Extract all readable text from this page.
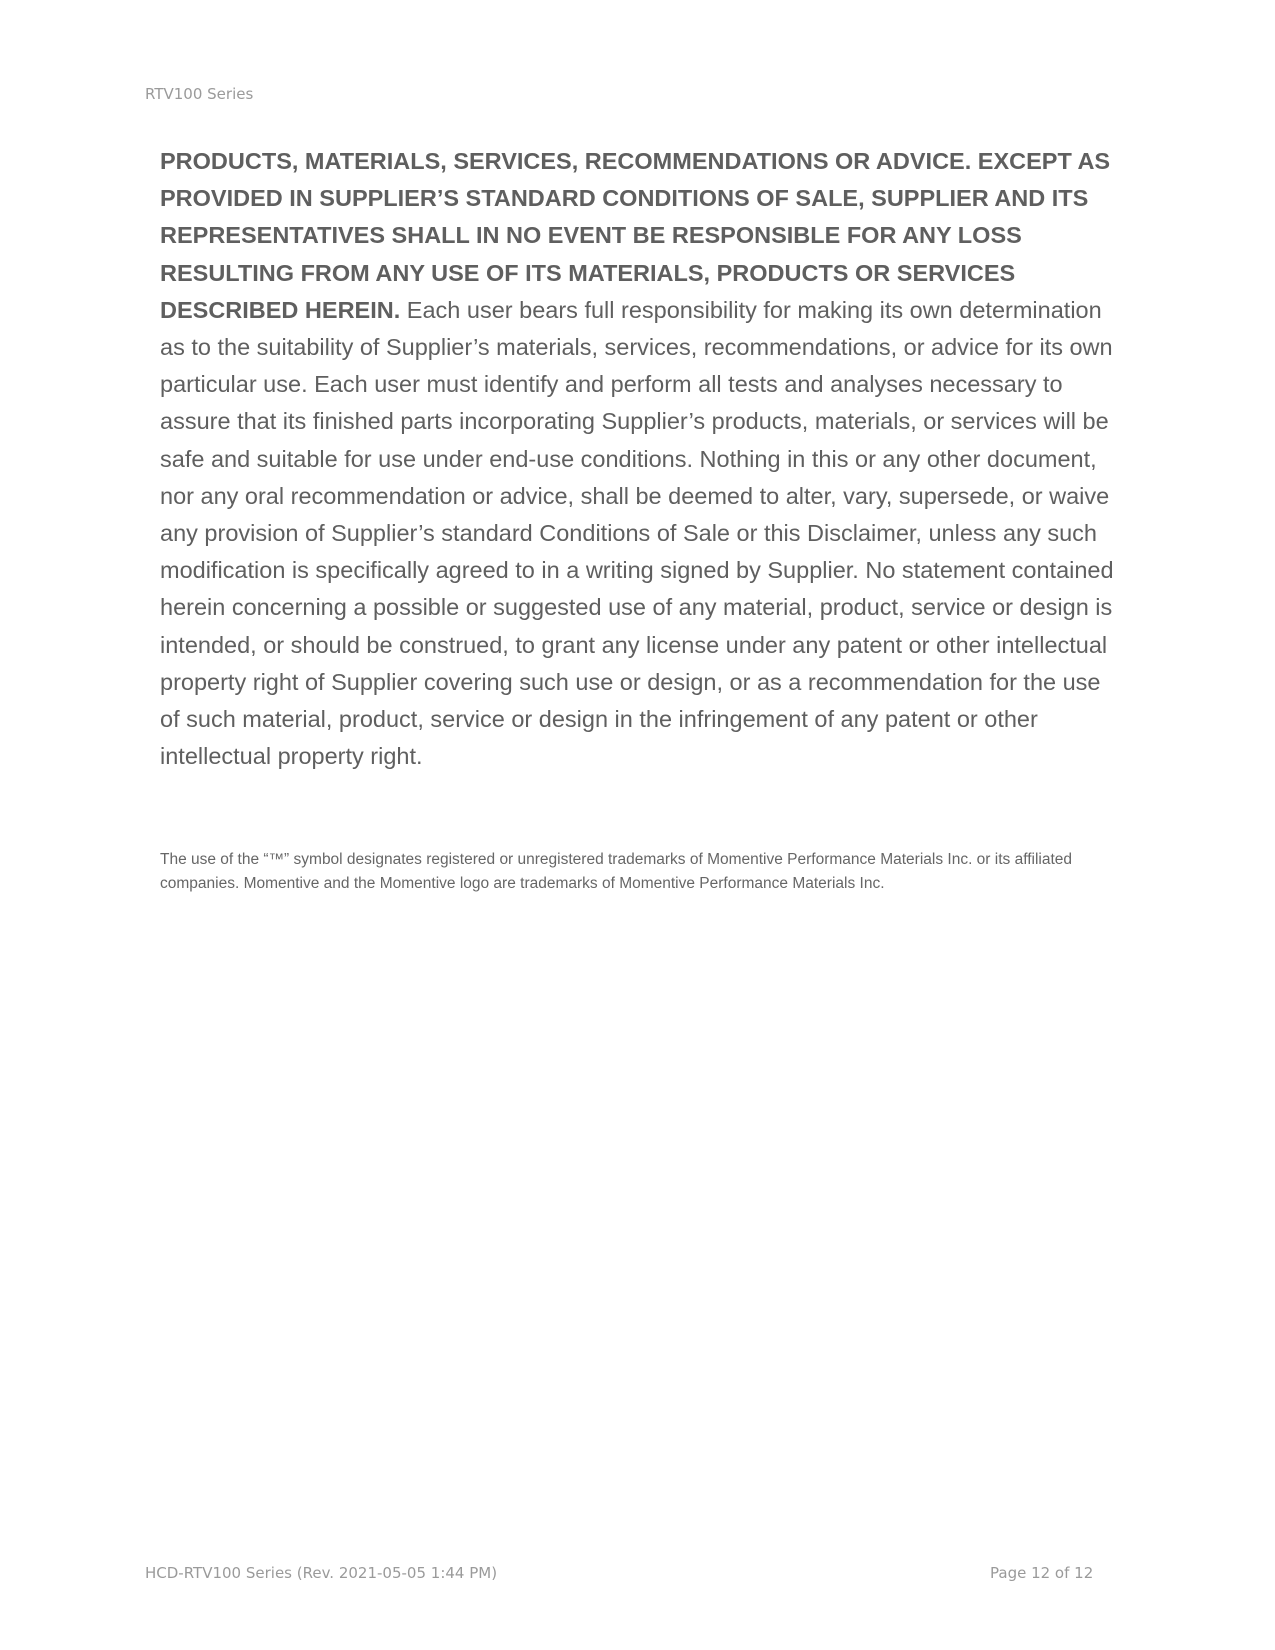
RTV100 Series

PRODUCTS, MATERIALS, SERVICES, RECOMMENDATIONS OR ADVICE. EXCEPT AS PROVIDED IN SUPPLIER’S STANDARD CONDITIONS OF SALE, SUPPLIER AND ITS REPRESENTATIVES SHALL IN NO EVENT BE RESPONSIBLE FOR ANY LOSS RESULTING FROM ANY USE OF ITS MATERIALS, PRODUCTS OR SERVICES DESCRIBED HEREIN. Each user bears full responsibility for making its own determination as to the suitability of Supplier’s materials, services, recommendations, or advice for its own particular use. Each user must identify and perform all tests and analyses necessary to assure that its finished parts incorporating Supplier’s products, materials, or services will be safe and suitable for use under end-use conditions. Nothing in this or any other document, nor any oral recommendation or advice, shall be deemed to alter, vary, supersede, or waive any provision of Supplier’s standard Conditions of Sale or this Disclaimer, unless any such modification is specifically agreed to in a writing signed by Supplier. No statement contained herein concerning a possible or suggested use of any material, product, service or design is intended, or should be construed, to grant any license under any patent or other intellectual property right of Supplier covering such use or design, or as a recommendation for the use of such material, product, service or design in the infringement of any patent or other intellectual property right.

The use of the “™” symbol designates registered or unregistered trademarks of Momentive Performance Materials Inc. or its affiliated companies. Momentive and the Momentive logo are trademarks of Momentive Performance Materials Inc.

HCD-RTV100 Series (Rev. 2021-05-05 1:44 PM)	Page 12 of 12
